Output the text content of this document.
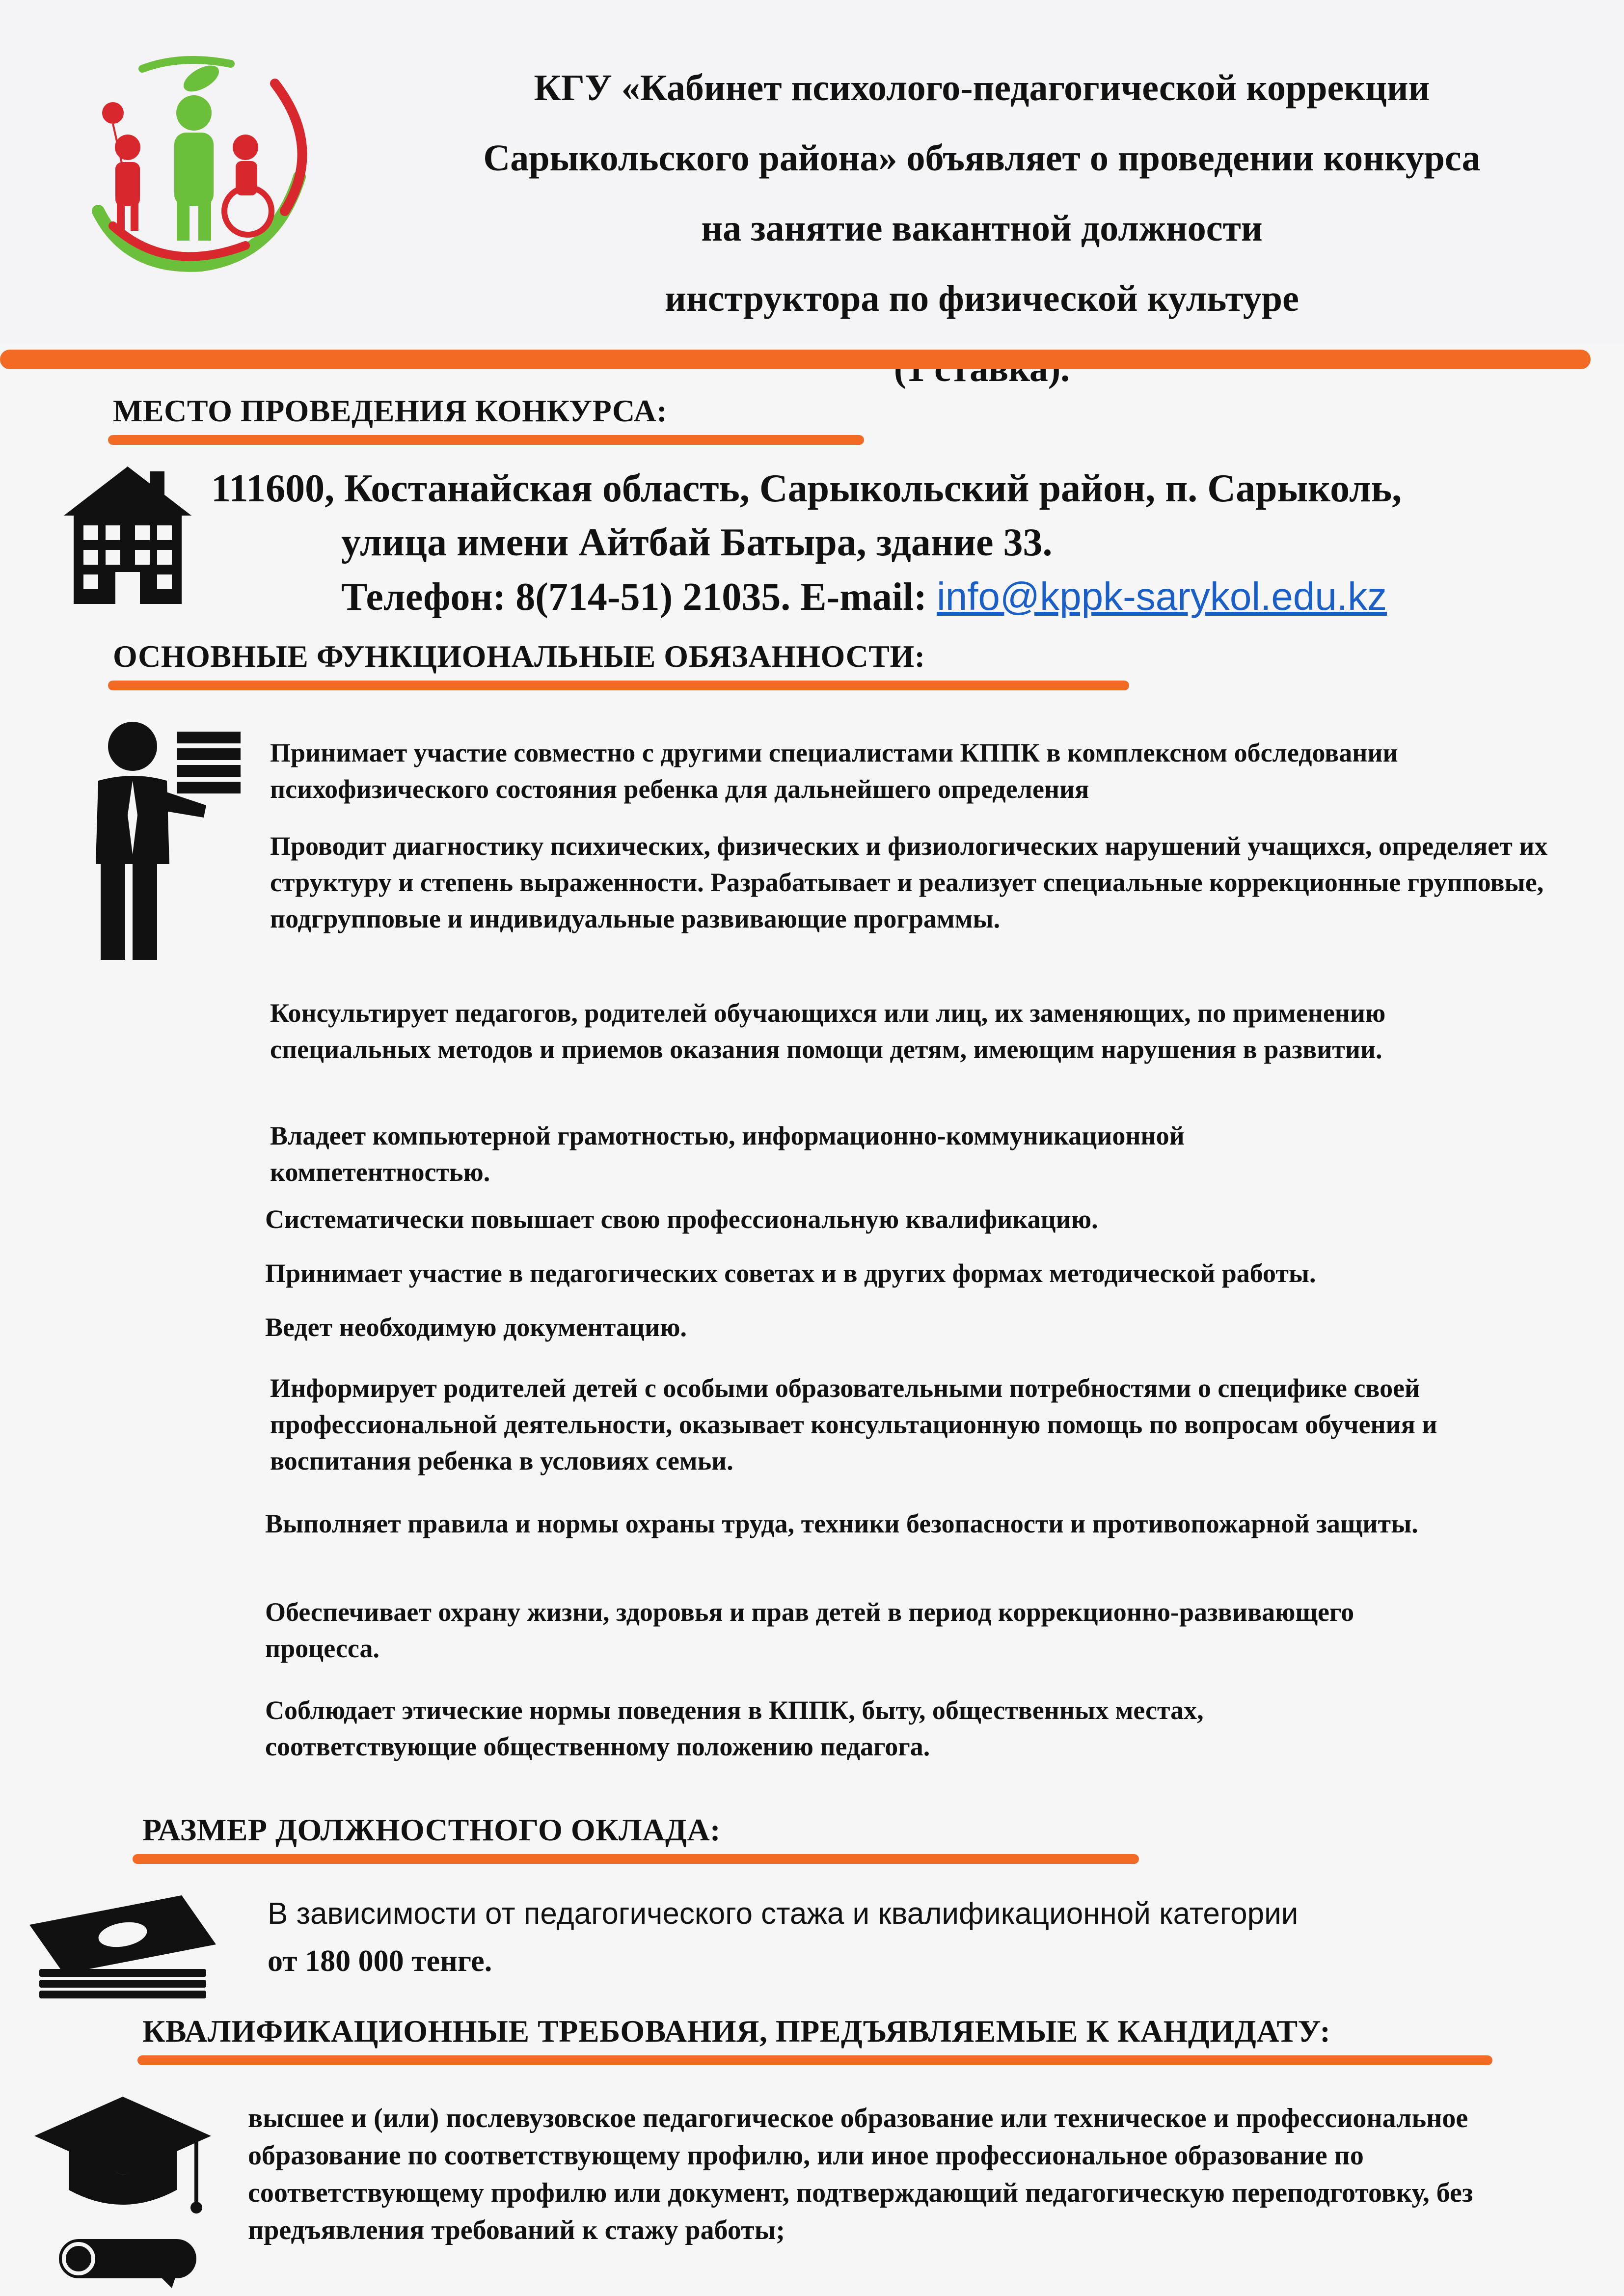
КГУ «Кабинет психолого-педагогической коррекции
Сарыкольского района» объявляет о проведении конкурса
на занятие вакантной должности
инструктора по физической культуре
МЕСТО ПРОВЕДЕНИЯ КОНКУРСА:
111600, Костанайская область, Сарыкольский район, п. Сарыколь,
улица имени Айтбай Батыра, здание 33.
Телефон: 8(714-51) 21035. E-mail: info@kppk-sarykol.edu.kz
ОСНОВНЫЕ ФУНКЦИОНАЛЬНЫЕ ОБЯЗАННОСТИ:
Принимает участие совместно с другими специалистами КППК в комплексном обследовании психофизического состояния ребенка для дальнейшего определения
Проводит диагностику психических, физических и физиологических нарушений учащихся, определяет их структуру и степень выраженности. Разрабатывает и реализует специальные коррекционные групповые, подгрупповые и индивидуальные развивающие программы.
Консультирует педагогов, родителей обучающихся или лиц, их заменяющих, по применению специальных методов и приемов оказания помощи детям, имеющим нарушения в развитии.
Владеет компьютерной грамотностью, информационно-коммуникационной компетентностью.
Систематически повышает свою профессиональную квалификацию.
Принимает участие в педагогических советах и в других формах методической работы.
Ведет необходимую документацию.
Информирует родителей детей с особыми образовательными потребностями о специфике своей профессиональной деятельности, оказывает консультационную помощь по вопросам обучения и воспитания ребенка в условиях семьи.
Выполняет правила и нормы охраны труда, техники безопасности и противопожарной защиты.
Обеспечивает охрану жизни, здоровья и прав детей в период коррекционно-развивающего процесса.
Соблюдает этические нормы поведения в КППК, быту, общественных местах, соответствующие общественному положению педагога.
РАЗМЕР ДОЛЖНОСТНОГО ОКЛАДА:
В зависимости от педагогического стажа и квалификационной категории
от 180 000 тенге.
КВАЛИФИКАЦИОННЫЕ ТРЕБОВАНИЯ, ПРЕДЪЯВЛЯЕМЫЕ К КАНДИДАТУ:
высшее и (или) послевузовское педагогическое образование или техническое и профессиональное образование по соответствующему профилю, или иное профессиональное образование по соответствующему профилю или документ, подтверждающий педагогическую переподготовку, без предъявления требований к стажу работы;
